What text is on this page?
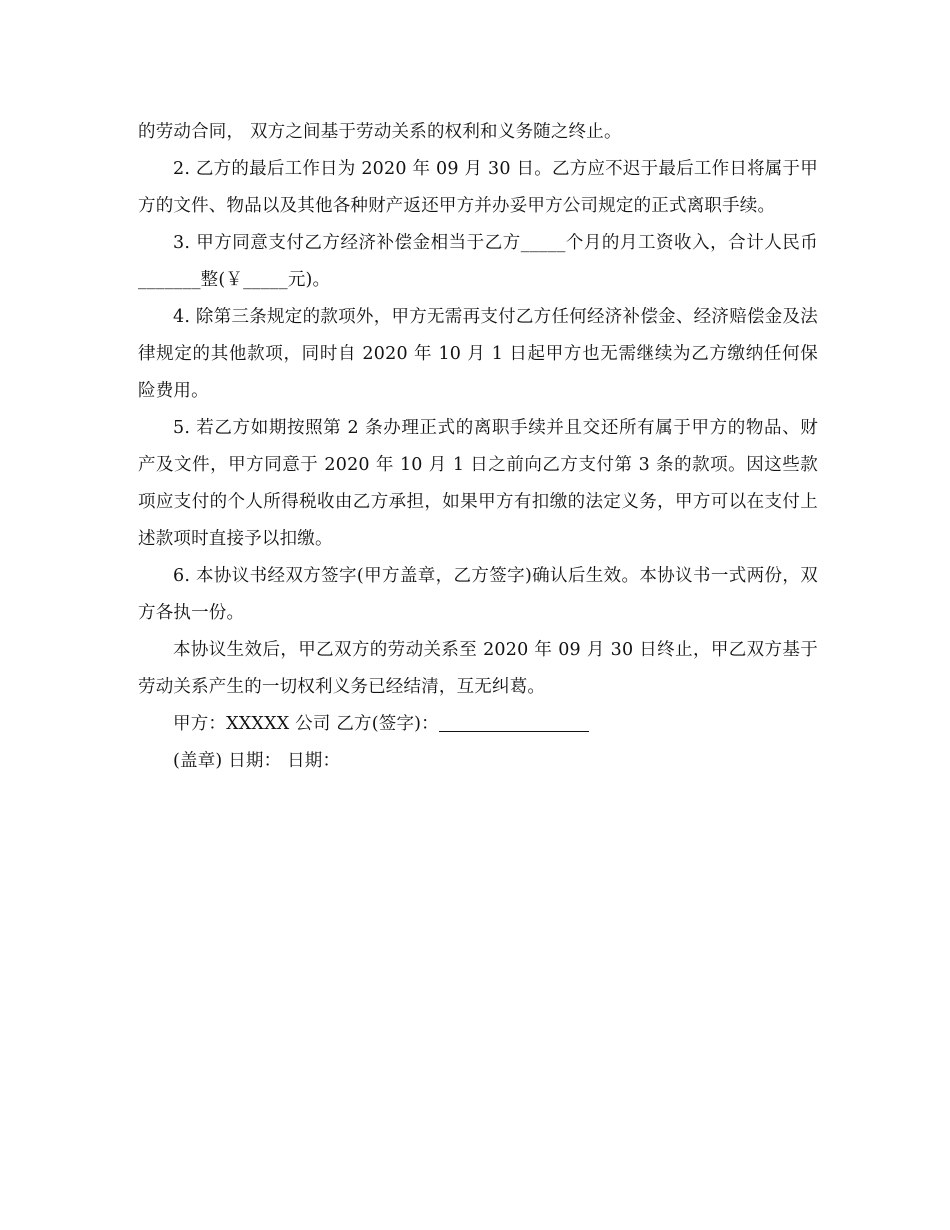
的劳动合同， 双方之间基于劳动关系的权利和义务随之终止。

2. 乙方的最后工作日为 2020 年 09 月 30 日。乙方应不迟于最后工作日将属于甲方的文件、物品以及其他各种财产返还甲方并办妥甲方公司规定的正式离职手续。

3. 甲方同意支付乙方经济补偿金相当于乙方_____个月的月工资收入，合计人民币_______整(￥_____元)。

4. 除第三条规定的款项外，甲方无需再支付乙方任何经济补偿金、经济赔偿金及法律规定的其他款项，同时自 2020 年 10 月 1 日起甲方也无需继续为乙方缴纳任何保险费用。

5. 若乙方如期按照第 2 条办理正式的离职手续并且交还所有属于甲方的物品、财产及文件，甲方同意于 2020 年 10 月 1 日之前向乙方支付第 3 条的款项。因这些款项应支付的个人所得税收由乙方承担，如果甲方有扣缴的法定义务，甲方可以在支付上述款项时直接予以扣缴。

6. 本协议书经双方签字(甲方盖章，乙方签字)确认后生效。本协议书一式两份，双方各执一份。

本协议生效后，甲乙双方的劳动关系至 2020 年 09 月 30 日终止，甲乙双方基于劳动关系产生的一切权利义务已经结清，互无纠葛。

甲方：XXXXX 公司 乙方(签字)：

(盖章) 日期： 日期：
